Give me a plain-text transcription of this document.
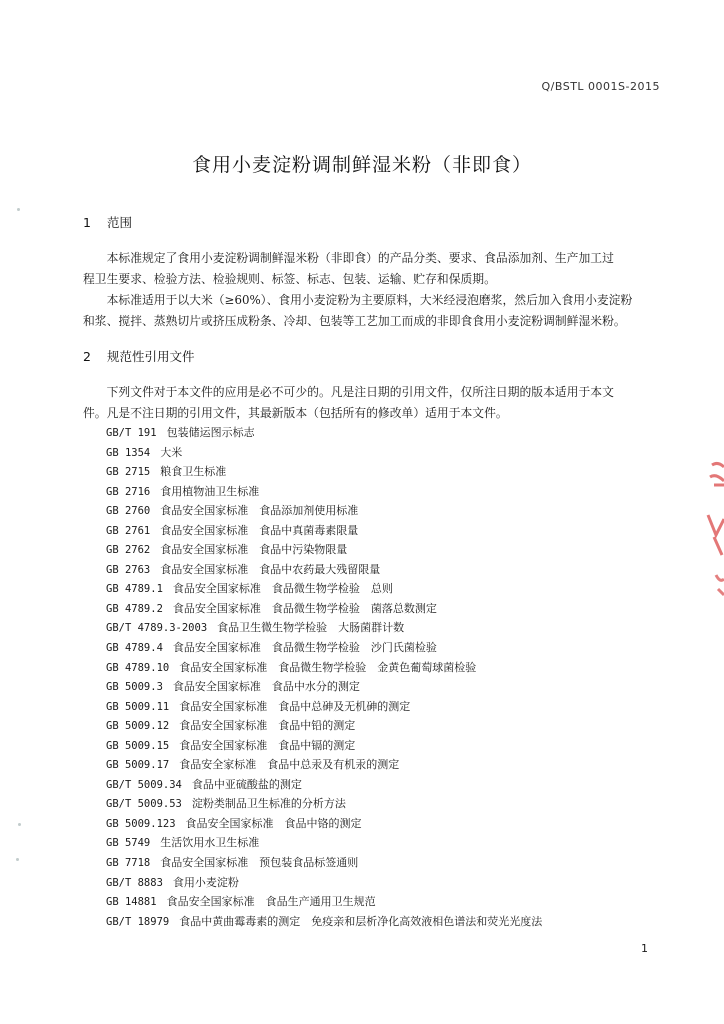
Q/BSTL 0001S-2015
食用小麦淀粉调制鲜湿米粉（非即食）
1 范围
　　本标准规定了食用小麦淀粉调制鲜湿米粉（非即食）的产品分类、要求、食品添加剂、生产加工过
程卫生要求、检验方法、检验规则、标签、标志、包装、运输、贮存和保质期。
　　本标准适用于以大米（≥60%）、食用小麦淀粉为主要原料，大米经浸泡磨浆，然后加入食用小麦淀粉
和浆、搅拌、蒸熟切片或挤压成粉条、冷却、包装等工艺加工而成的非即食食用小麦淀粉调制鲜湿米粉。
2 规范性引用文件
　　下列文件对于本文件的应用是必不可少的。凡是注日期的引用文件，仅所注日期的版本适用于本文
件。凡是不注日期的引用文件，其最新版本（包括所有的修改单）适用于本文件。
GB/T 191 包装储运图示标志
GB 1354 大米
GB 2715 粮食卫生标准
GB 2716 食用植物油卫生标准
GB 2760 食品安全国家标准　食品添加剂使用标准
GB 2761 食品安全国家标准　食品中真菌毒素限量
GB 2762 食品安全国家标准　食品中污染物限量
GB 2763 食品安全国家标准　食品中农药最大残留限量
GB 4789.1 食品安全国家标准　食品微生物学检验　总则
GB 4789.2 食品安全国家标准　食品微生物学检验　菌落总数测定
GB/T 4789.3-2003 食品卫生微生物学检验　大肠菌群计数
GB 4789.4 食品安全国家标准　食品微生物学检验　沙门氏菌检验
GB 4789.10 食品安全国家标准　食品微生物学检验　金黄色葡萄球菌检验
GB 5009.3 食品安全国家标准　食品中水分的测定
GB 5009.11 食品安全国家标准　食品中总砷及无机砷的测定
GB 5009.12 食品安全国家标准　食品中铅的测定
GB 5009.15 食品安全国家标准　食品中镉的测定
GB 5009.17 食品安全家标准　食品中总汞及有机汞的测定
GB/T 5009.34 食品中亚硫酸盐的测定
GB/T 5009.53 淀粉类制品卫生标准的分析方法
GB 5009.123 食品安全国家标准　食品中铬的测定
GB 5749 生活饮用水卫生标准
GB 7718 食品安全国家标准　预包装食品标签通则
GB/T 8883 食用小麦淀粉
GB 14881 食品安全国家标准　食品生产通用卫生规范
GB/T 18979 食品中黄曲霉毒素的测定　免疫亲和层析净化高效液相色谱法和荧光光度法
1
